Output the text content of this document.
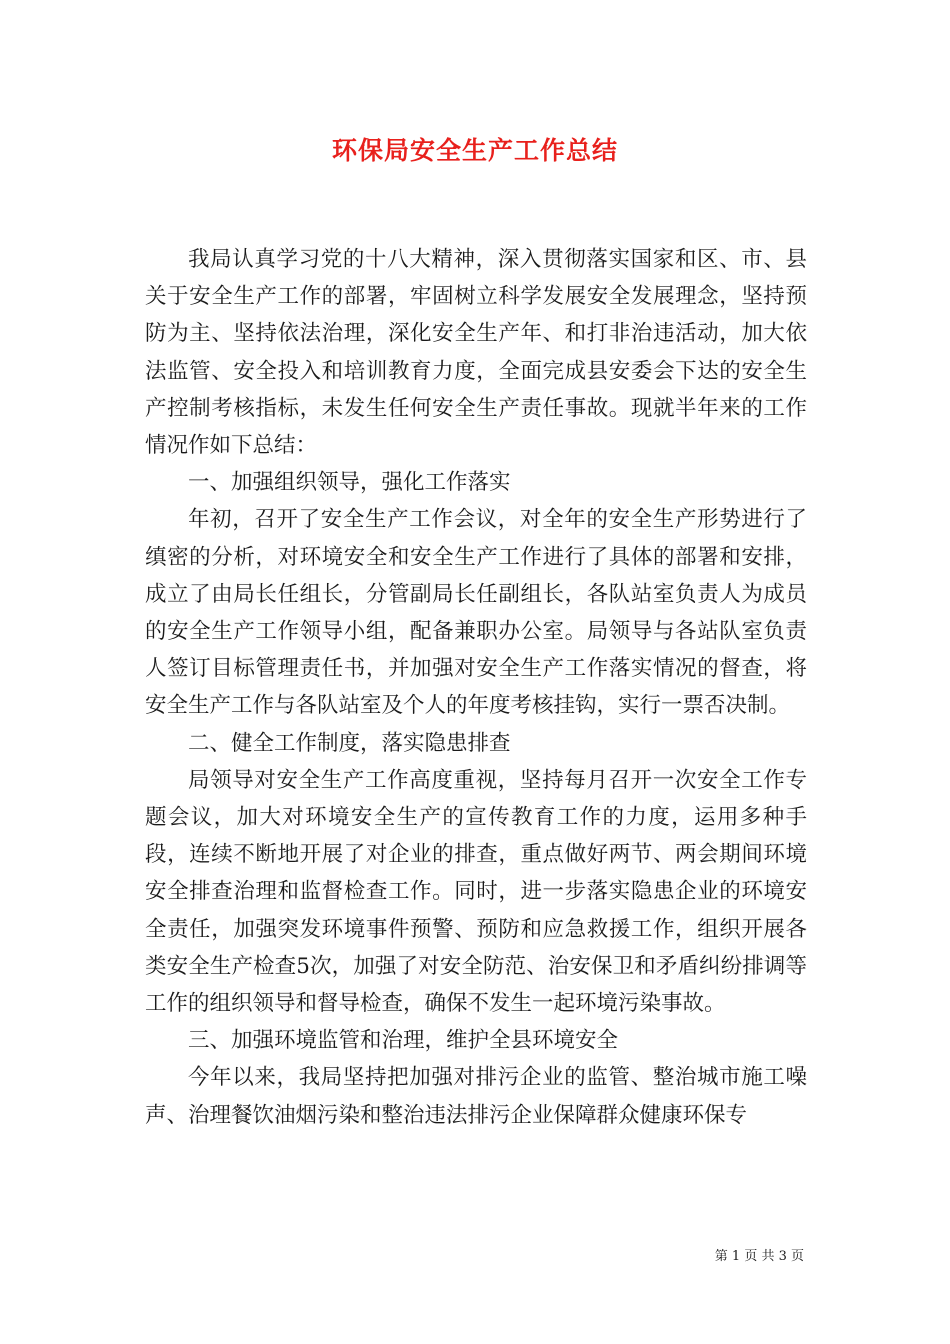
环保局安全生产工作总结

我局认真学习党的十八大精神，深入贯彻落实国家和区、市、县关于安全生产工作的部署，牢固树立科学发展安全发展理念，坚持预防为主、坚持依法治理，深化安全生产年、和打非治违活动，加大依法监管、安全投入和培训教育力度，全面完成县安委会下达的安全生产控制考核指标，未发生任何安全生产责任事故。现就半年来的工作情况作如下总结：

一、加强组织领导，强化工作落实

年初，召开了安全生产工作会议，对全年的安全生产形势进行了缜密的分析，对环境安全和安全生产工作进行了具体的部署和安排，成立了由局长任组长，分管副局长任副组长，各队站室负责人为成员的安全生产工作领导小组，配备兼职办公室。局领导与各站队室负责人签订目标管理责任书，并加强对安全生产工作落实情况的督查，将安全生产工作与各队站室及个人的年度考核挂钩，实行一票否决制。

二、健全工作制度，落实隐患排查

局领导对安全生产工作高度重视，坚持每月召开一次安全工作专题会议，加大对环境安全生产的宣传教育工作的力度，运用多种手段，连续不断地开展了对企业的排查，重点做好两节、两会期间环境安全排查治理和监督检查工作。同时，进一步落实隐患企业的环境安全责任，加强突发环境事件预警、预防和应急救援工作，组织开展各类安全生产检查5次，加强了对安全防范、治安保卫和矛盾纠纷排调等工作的组织领导和督导检查，确保不发生一起环境污染事故。

三、加强环境监管和治理，维护全县环境安全

今年以来，我局坚持把加强对排污企业的监管、整治城市施工噪声、治理餐饮油烟污染和整治违法排污企业保障群众健康环保专

第 1 页 共 3 页
